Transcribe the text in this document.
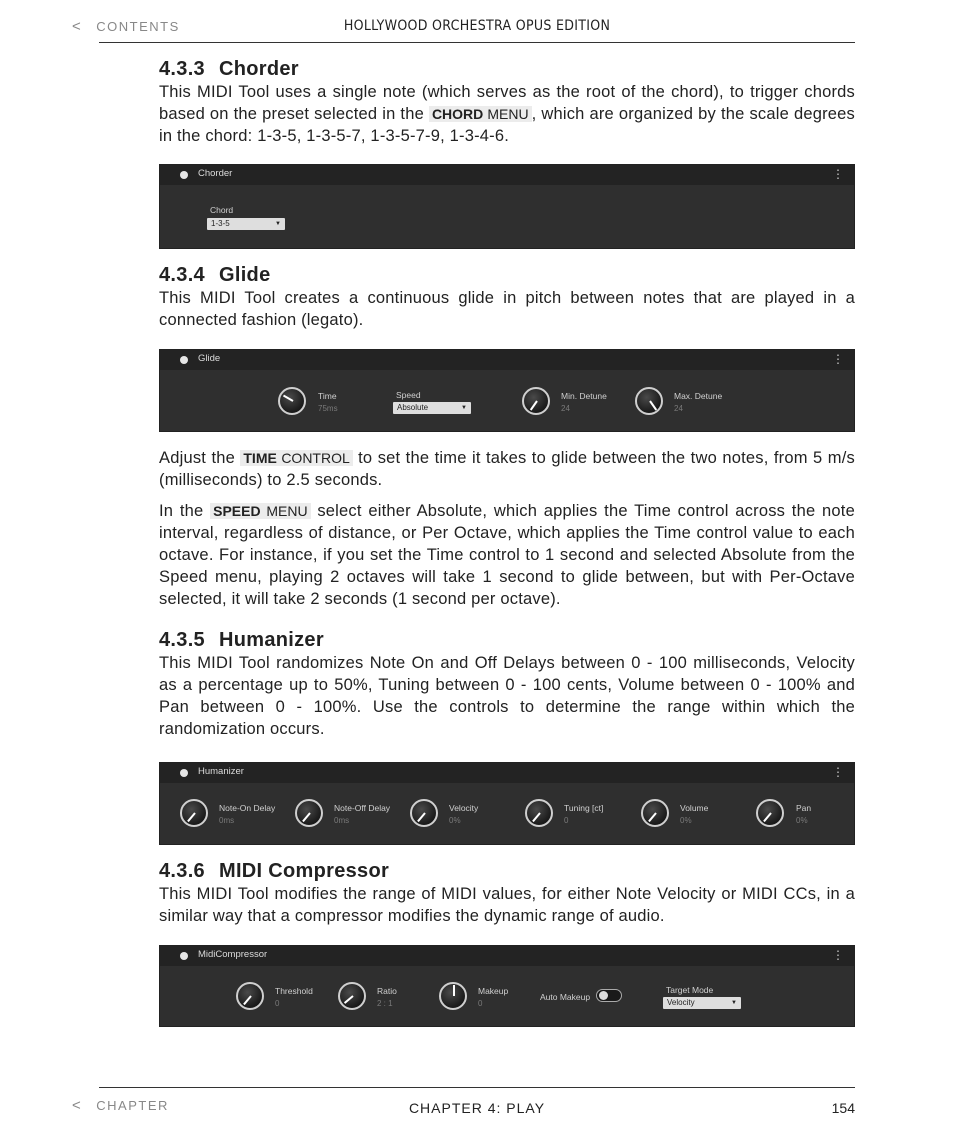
< CONTENTS	HOLLYWOOD ORCHESTRA OPUS EDITION
4.3.3 Chorder

This MIDI Tool uses a single note (which serves as the root of the chord), to trigger chords based on the preset selected in the CHORD MENU , which are organized by the scale degrees in the chord: 1-3-5, 1-3-5-7, 1-3-5-7-9, 1-3-4-6.

Chorder	⋮
Chord
1-3-5	▼
4.3.4 Glide

This MIDI Tool creates a continuous glide in pitch between notes that are played in a connected fashion (legato).

Glide	⋮
Time
75ms
Speed
Absolute	▼
Min. Detune
24
Max. Detune
24

Adjust the TIME CONTROL to set the time it takes to glide between the two notes, from 5 m/s (milliseconds) to 2.5 seconds.

In the SPEED MENU select either Absolute, which applies the Time control across the note interval, regardless of distance, or Per Octave, which applies the Time control value to each octave. For instance, if you set the Time control to 1 second and selected Absolute from the Speed menu, playing 2 octaves will take 1 second to glide between, but with Per-Octave selected, it will take 2 seconds (1 second per octave).

4.3.5 Humanizer

This MIDI Tool randomizes Note On and Off Delays between 0 - 100 milliseconds, Velocity as a percentage up to 50%, Tuning between 0 - 100 cents, Volume between 0 - 100% and Pan between 0 - 100%. Use the controls to determine the range within which the randomization occurs.

Humanizer	⋮
Note-On Delay
0ms
Note-Off Delay
0ms
Velocity
0%
Tuning [ct]
0
Volume
0%
Pan
0%
4.3.6 MIDI Compressor

This MIDI Tool modifies the range of MIDI values, for either Note Velocity or MIDI CCs, in a similar way that a compressor modifies the dynamic range of audio.

MidiCompressor	⋮
Threshold
0
Ratio
2 : 1
Makeup
0
Auto Makeup
Target Mode
Velocity	▼
< CHAPTER	CHAPTER 4: PLAY	154
